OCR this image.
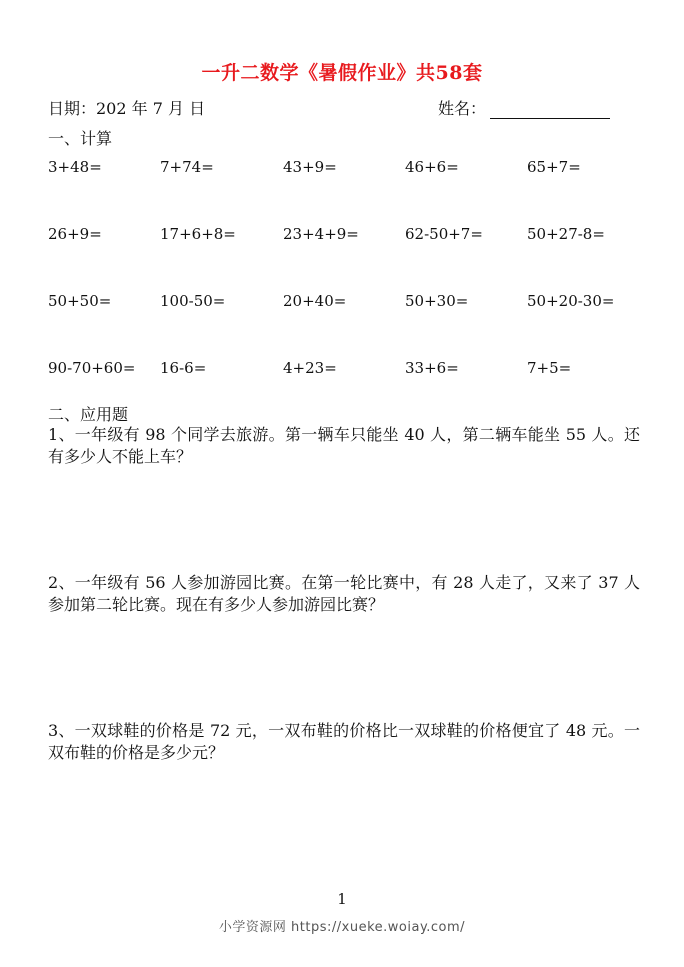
一升二数学《暑假作业》共58套
日期：202 年 7 月 日	姓名：
一、计算
3+48=	7+74=	43+9=	46+6=	65+7=
26+9=	17+6+8=	23+4+9=	62-50+7=	50+27-8=
50+50=	100-50=	20+40=	50+30=	50+20-30=
90-70+60= 16-6=	4+23=	33+6=	7+5=
二、应用题
1、一年级有 98 个同学去旅游。第一辆车只能坐 40 人，第二辆车能坐 55 人。还有多少人不能上车？
2、一年级有 56 人参加游园比赛。在第一轮比赛中，有 28 人走了，又来了 37 人参加第二轮比赛。现在有多少人参加游园比赛？
3、一双球鞋的价格是 72 元，一双布鞋的价格比一双球鞋的价格便宜了 48 元。一双布鞋的价格是多少元？
1
小学资源网 https://xueke.woiay.com/
